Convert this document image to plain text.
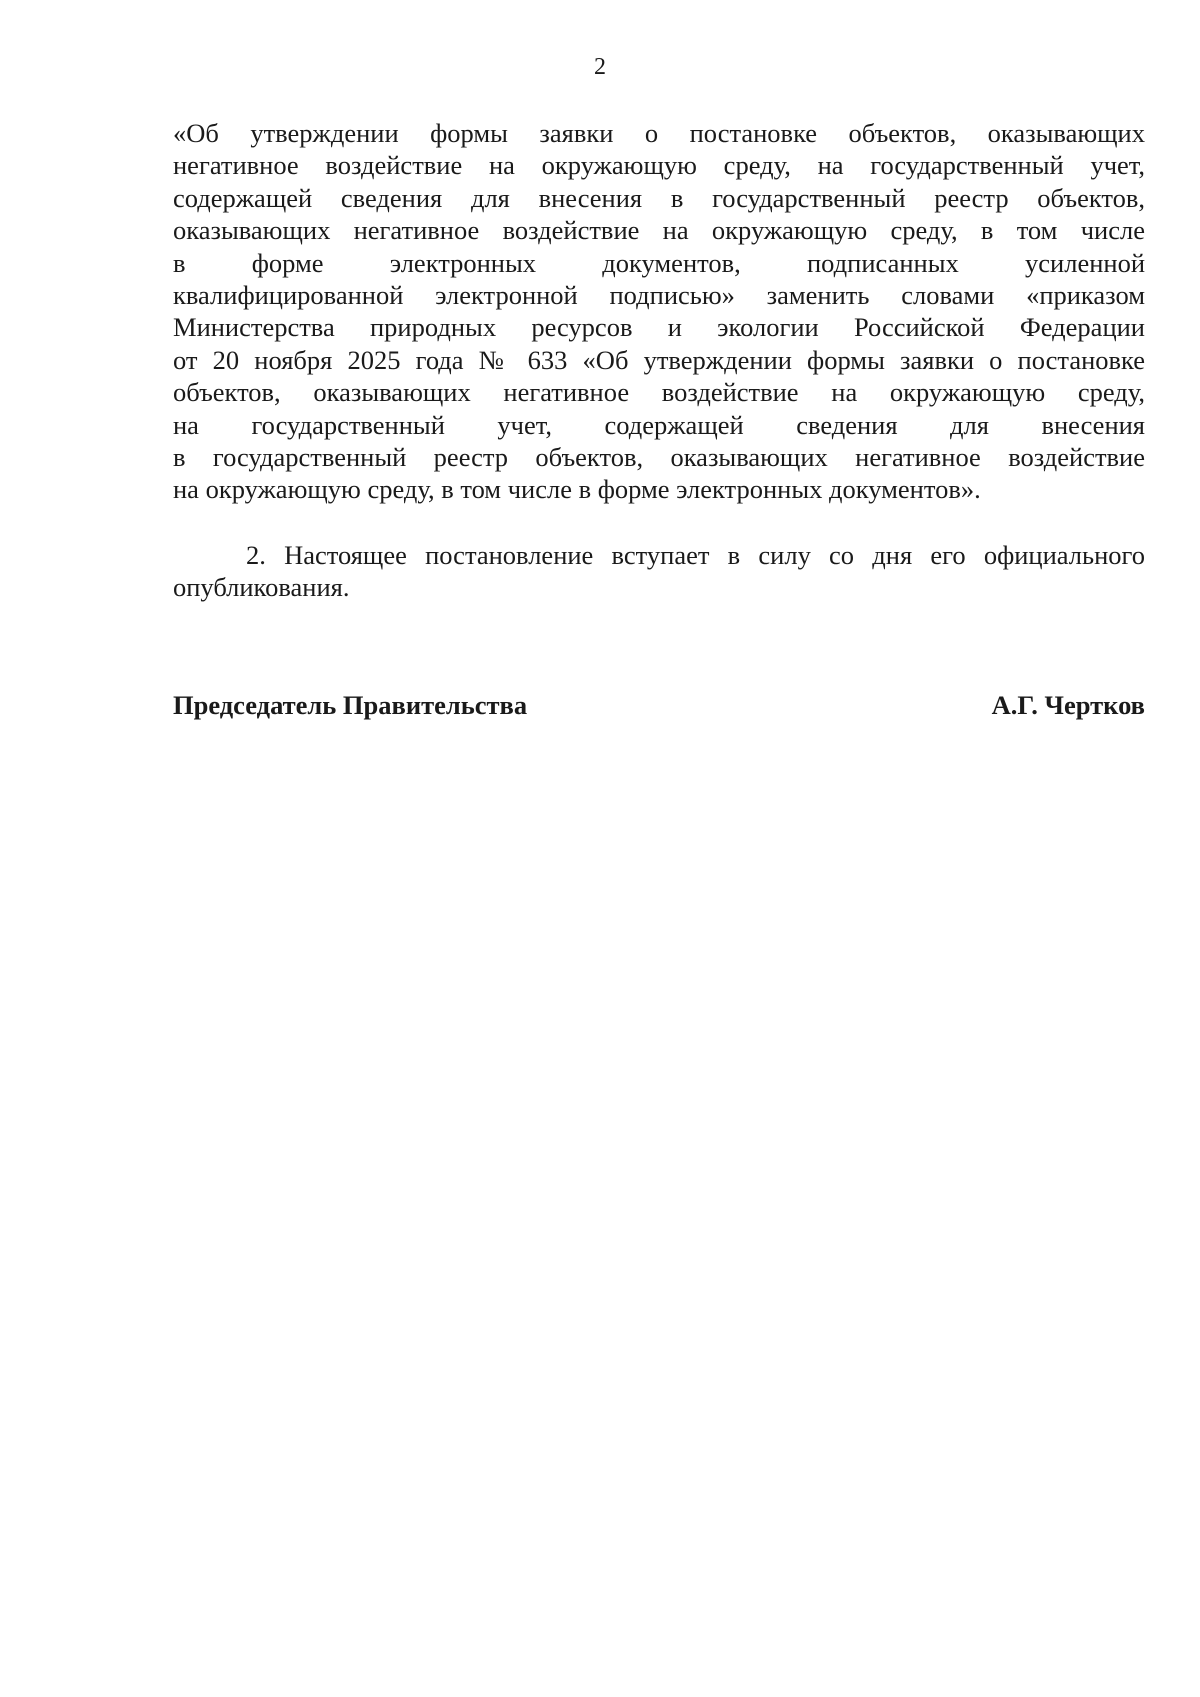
2
«Об утверждении формы заявки о постановке объектов, оказывающих
негативное воздействие на окружающую среду, на государственный учет,
содержащей сведения для внесения в государственный реестр объектов,
оказывающих негативное воздействие на окружающую среду, в том числе
в форме электронных документов, подписанных усиленной
квалифицированной электронной подписью» заменить словами «приказом
Министерства природных ресурсов и экологии Российской Федерации
от 20 ноября 2025 года № 633 «Об утверждении формы заявки о постановке
объектов, оказывающих негативное воздействие на окружающую среду,
на государственный учет, содержащей сведения для внесения
в государственный реестр объектов, оказывающих негативное воздействие
на окружающую среду, в том числе в форме электронных документов».
2. Настоящее постановление вступает в силу со дня его официального
опубликования.
Председатель Правительства	А.Г. Чертков
